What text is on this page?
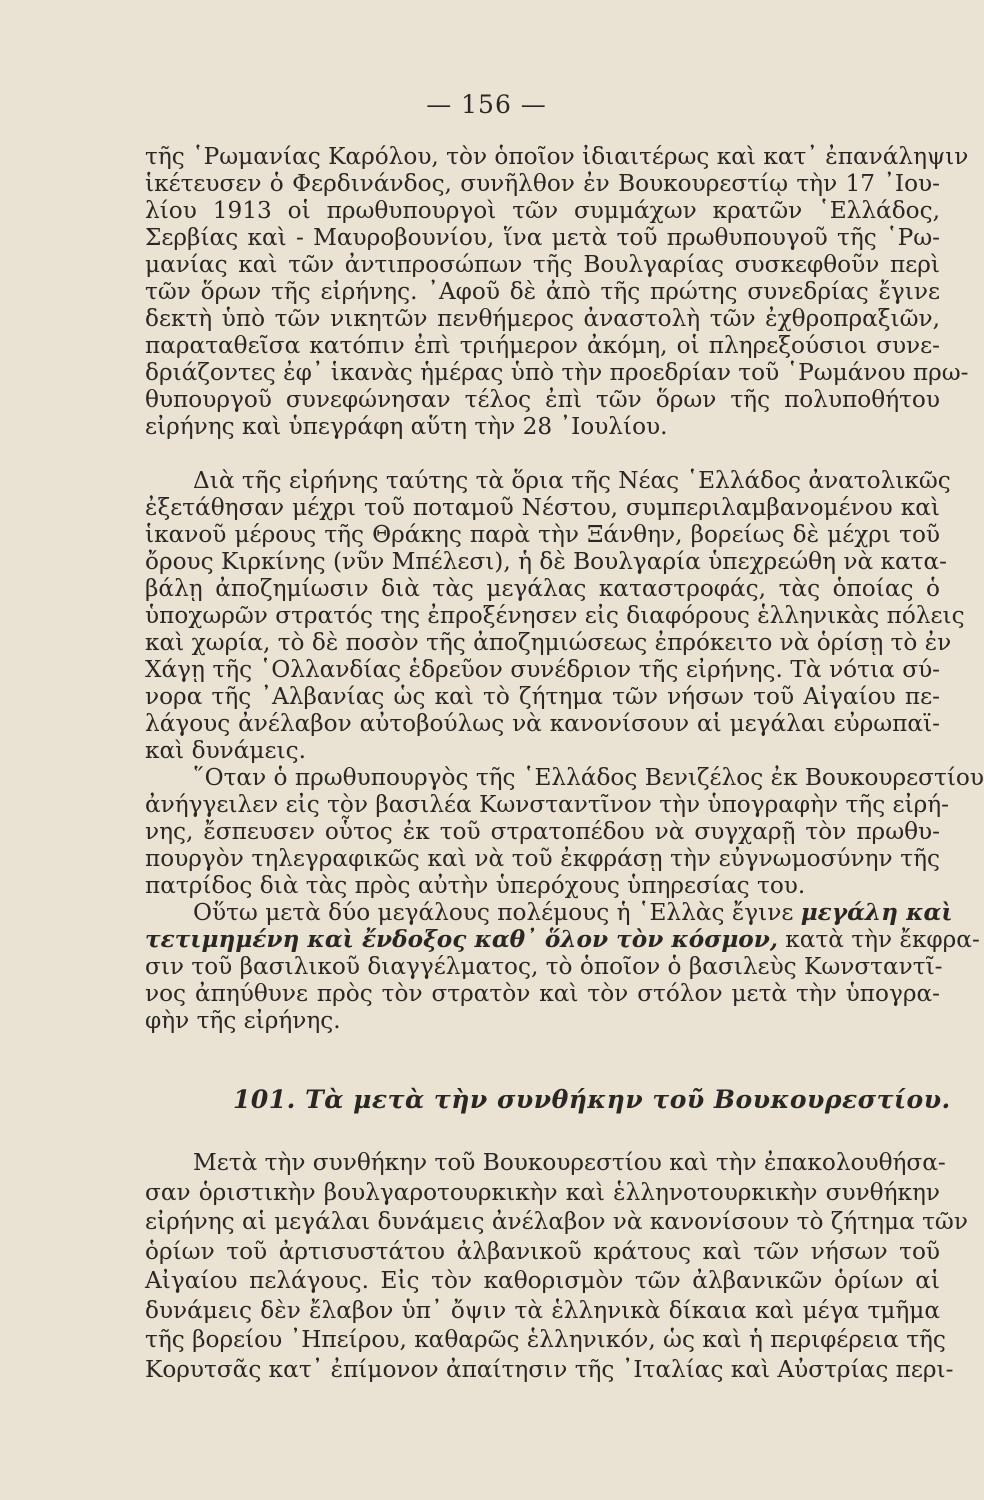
— 156 —
τῆς ῾Ρωμανίας Καρόλου, τὸν ὁποῖον ἰδιαιτέρως καὶ κατ᾽ ἐπανάληψιν
ἱκέτευσεν ὁ Φερδινάνδος, συνῆλθον ἐν Βουκουρεστίῳ τὴν 17 ᾽Ιου-
λίου 1913 οἱ πρωθυπουργοὶ τῶν συμμάχων κρατῶν ῾Ελλάδος,
Σερβίας καὶ - Μαυροβουνίου, ἵνα μετὰ τοῦ πρωθυπουγοῦ τῆς ῾Ρω-
μανίας καὶ τῶν ἀντιπροσώπων τῆς Βουλγαρίας συσκεφθοῦν περὶ
τῶν ὅρων τῆς εἰρήνης. ᾽Αφοῦ δὲ ἀπὸ τῆς πρώτης συνεδρίας ἔγινε
δεκτὴ ὑπὸ τῶν νικητῶν πενθήμερος ἀναστολὴ τῶν ἐχθροπραξιῶν,
παραταθεῖσα κατόπιν ἐπὶ τριήμερον ἀκόμη, οἱ πληρεξούσιοι συνε-
δριάζοντες ἐφ᾽ ἱκανὰς ἡμέρας ὑπὸ τὴν προεδρίαν τοῦ ῾Ρωμάνου πρω-
θυπουργοῦ συνεφώνησαν τέλος ἐπὶ τῶν ὅρων τῆς πολυποθήτου
εἰρήνης καὶ ὑπεγράφη αὕτη τὴν 28 ᾽Ιουλίου.
Διὰ τῆς εἰρήνης ταύτης τὰ ὅρια τῆς Νέας ῾Ελλάδος ἀνατολικῶς
ἐξετάθησαν μέχρι τοῦ ποταμοῦ Νέστου, συμπεριλαμβανομένου καὶ
ἱκανοῦ μέρους τῆς Θράκης παρὰ τὴν Ξάνθην, βορείως δὲ μέχρι τοῦ
ὄρους Κιρκίνης (νῦν Μπέλεσι), ἡ δὲ Βουλγαρία ὑπεχρεώθη νὰ κατα-
βάλῃ ἀποζημίωσιν διὰ τὰς μεγάλας καταστροφάς, τὰς ὁποίας ὁ
ὑποχωρῶν στρατός της ἐπροξένησεν εἰς διαφόρους ἑλληνικὰς πόλεις
καὶ χωρία, τὸ δὲ ποσὸν τῆς ἀποζημιώσεως ἐπρόκειτο νὰ ὁρίσῃ τὸ ἐν
Χάγῃ τῆς ῾Ολλανδίας ἑδρεῦον συνέδριον τῆς εἰρήνης. Τὰ νότια σύ-
νορα τῆς ᾽Αλβανίας ὡς καὶ τὸ ζήτημα τῶν νήσων τοῦ Αἰγαίου πε-
λάγους ἀνέλαβον αὐτοβούλως νὰ κανονίσουν αἱ μεγάλαι εὐρωπαϊ-
καὶ δυνάμεις.
῞Οταν ὁ πρωθυπουργὸς τῆς ῾Ελλάδος Βενιζέλος ἐκ Βουκουρεστίου
ἀνήγγειλεν εἰς τὸν βασιλέα Κωνσταντῖνον τὴν ὑπογραφὴν τῆς εἰρή-
νης, ἔσπευσεν οὗτος ἐκ τοῦ στρατοπέδου νὰ συγχαρῇ τὸν πρωθυ-
πουργὸν τηλεγραφικῶς καὶ νὰ τοῦ ἐκφράσῃ τὴν εὐγνωμοσύνην τῆς
πατρίδος διὰ τὰς πρὸς αὐτὴν ὑπερόχους ὑπηρεσίας του.
Οὕτω μετὰ δύο μεγάλους πολέμους ἡ ῾Ελλὰς ἔγινε μεγάλη καὶ
τετιμημένη καὶ ἔνδοξος καθ᾽ ὅλον τὸν κόσμον, κατὰ τὴν ἔκφρα-
σιν τοῦ βασιλικοῦ διαγγέλματος, τὸ ὁποῖον ὁ βασιλεὺς Κωνσταντῖ-
νος ἀπηύθυνε πρὸς τὸν στρατὸν καὶ τὸν στόλον μετὰ τὴν ὑπογρα-
φὴν τῆς εἰρήνης.
101. Τὰ μετὰ τὴν συνθήκην τοῦ Βουκουρεστίου.
Μετὰ τὴν συνθήκην τοῦ Βουκουρεστίου καὶ τὴν ἐπακολουθήσα-
σαν ὁριστικὴν βουλγαροτουρκικὴν καὶ ἑλληνοτουρκικὴν συνθήκην
εἰρήνης αἱ μεγάλαι δυνάμεις ἀνέλαβον νὰ κανονίσουν τὸ ζήτημα τῶν
ὁρίων τοῦ ἀρτισυστάτου ἀλβανικοῦ κράτους καὶ τῶν νήσων τοῦ
Αἰγαίου πελάγους. Εἰς τὸν καθορισμὸν τῶν ἀλβανικῶν ὁρίων αἱ
δυνάμεις δὲν ἔλαβον ὑπ᾽ ὄψιν τὰ ἑλληνικὰ δίκαια καὶ μέγα τμῆμα
τῆς βορείου ᾽Ηπείρου, καθαρῶς ἑλληνικόν, ὡς καὶ ἡ περιφέρεια τῆς
Κορυτσᾶς κατ᾽ ἐπίμονον ἀπαίτησιν τῆς ᾽Ιταλίας καὶ Αὐστρίας περι-
